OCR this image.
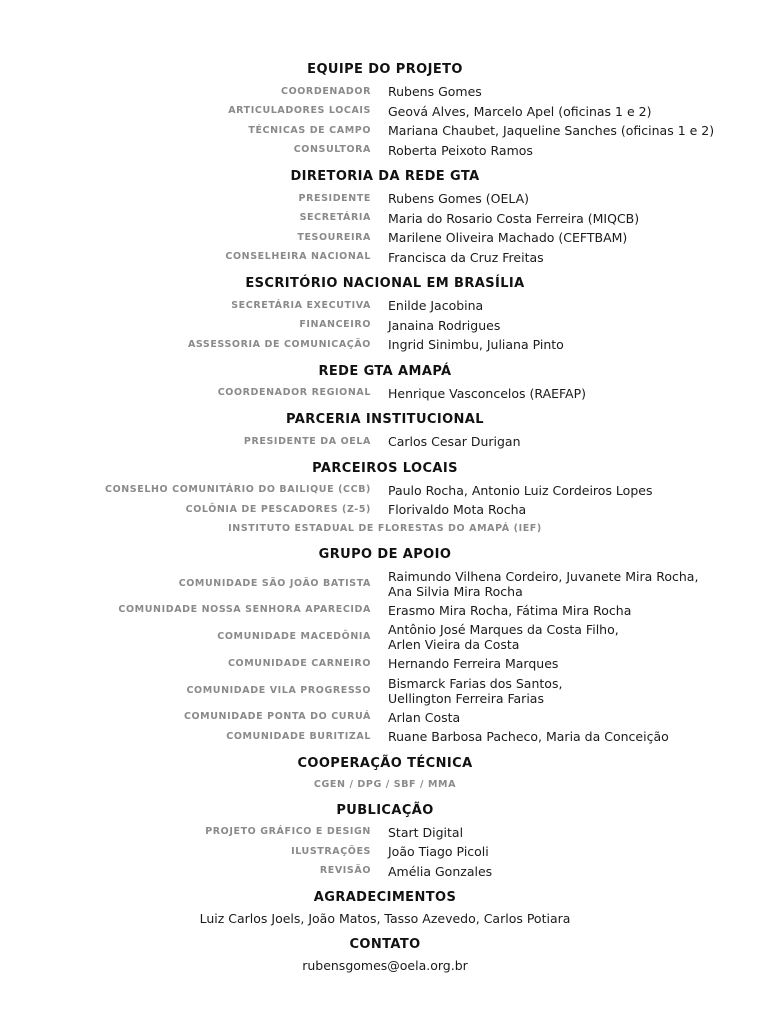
EQUIPE DO PROJETO
COORDENADOR Rubens Gomes
ARTICULADORES LOCAIS Geová Alves, Marcelo Apel (oficinas 1 e 2)
TÉCNICAS DE CAMPO Mariana Chaubet, Jaqueline Sanches (oficinas 1 e 2)
CONSULTORA Roberta Peixoto Ramos
DIRETORIA DA REDE GTA
PRESIDENTE Rubens Gomes (OELA)
SECRETÁRIA Maria do Rosario Costa Ferreira (MIQCB)
TESOUREIRA Marilene Oliveira Machado (CEFTBAM)
CONSELHEIRA NACIONAL Francisca da Cruz Freitas
ESCRITÓRIO NACIONAL EM BRASÍLIA
SECRETÁRIA EXECUTIVA Enilde Jacobina
FINANCEIRO Janaina Rodrigues
ASSESSORIA DE COMUNICAÇÃO Ingrid Sinimbu, Juliana Pinto
REDE GTA AMAPÁ
COORDENADOR REGIONAL Henrique Vasconcelos (RAEFAP)
PARCERIA INSTITUCIONAL
PRESIDENTE DA OELA Carlos Cesar Durigan
PARCEIROS LOCAIS
CONSELHO COMUNITÁRIO DO BAILIQUE (CCB) Paulo Rocha, Antonio Luiz Cordeiros Lopes
COLÔNIA DE PESCADORES (Z-5) Florivaldo Mota Rocha
INSTITUTO ESTADUAL DE FLORESTAS DO AMAPÁ (IEF)
GRUPO DE APOIO
COMUNIDADE SÃO JOÃO BATISTA Raimundo Vilhena Cordeiro, Juvanete Mira Rocha,
Ana Silvia Mira Rocha
COMUNIDADE NOSSA SENHORA APARECIDA Erasmo Mira Rocha, Fátima Mira Rocha
COMUNIDADE MACEDÔNIA Antônio José Marques da Costa Filho,
Arlen Vieira da Costa
COMUNIDADE CARNEIRO Hernando Ferreira Marques
COMUNIDADE VILA PROGRESSO Bismarck Farias dos Santos,
Uellington Ferreira Farias
COMUNIDADE PONTA DO CURUÁ Arlan Costa
COMUNIDADE BURITIZAL Ruane Barbosa Pacheco, Maria da Conceição
COOPERAÇÃO TÉCNICA
CGEN / DPG / SBF / MMA
PUBLICAÇÃO
PROJETO GRÁFICO E DESIGN Start Digital
ILUSTRAÇÕES João Tiago Picoli
REVISÃO Amélia Gonzales
AGRADECIMENTOS
Luiz Carlos Joels, João Matos, Tasso Azevedo, Carlos Potiara
CONTATO
rubensgomes@oela.org.br
